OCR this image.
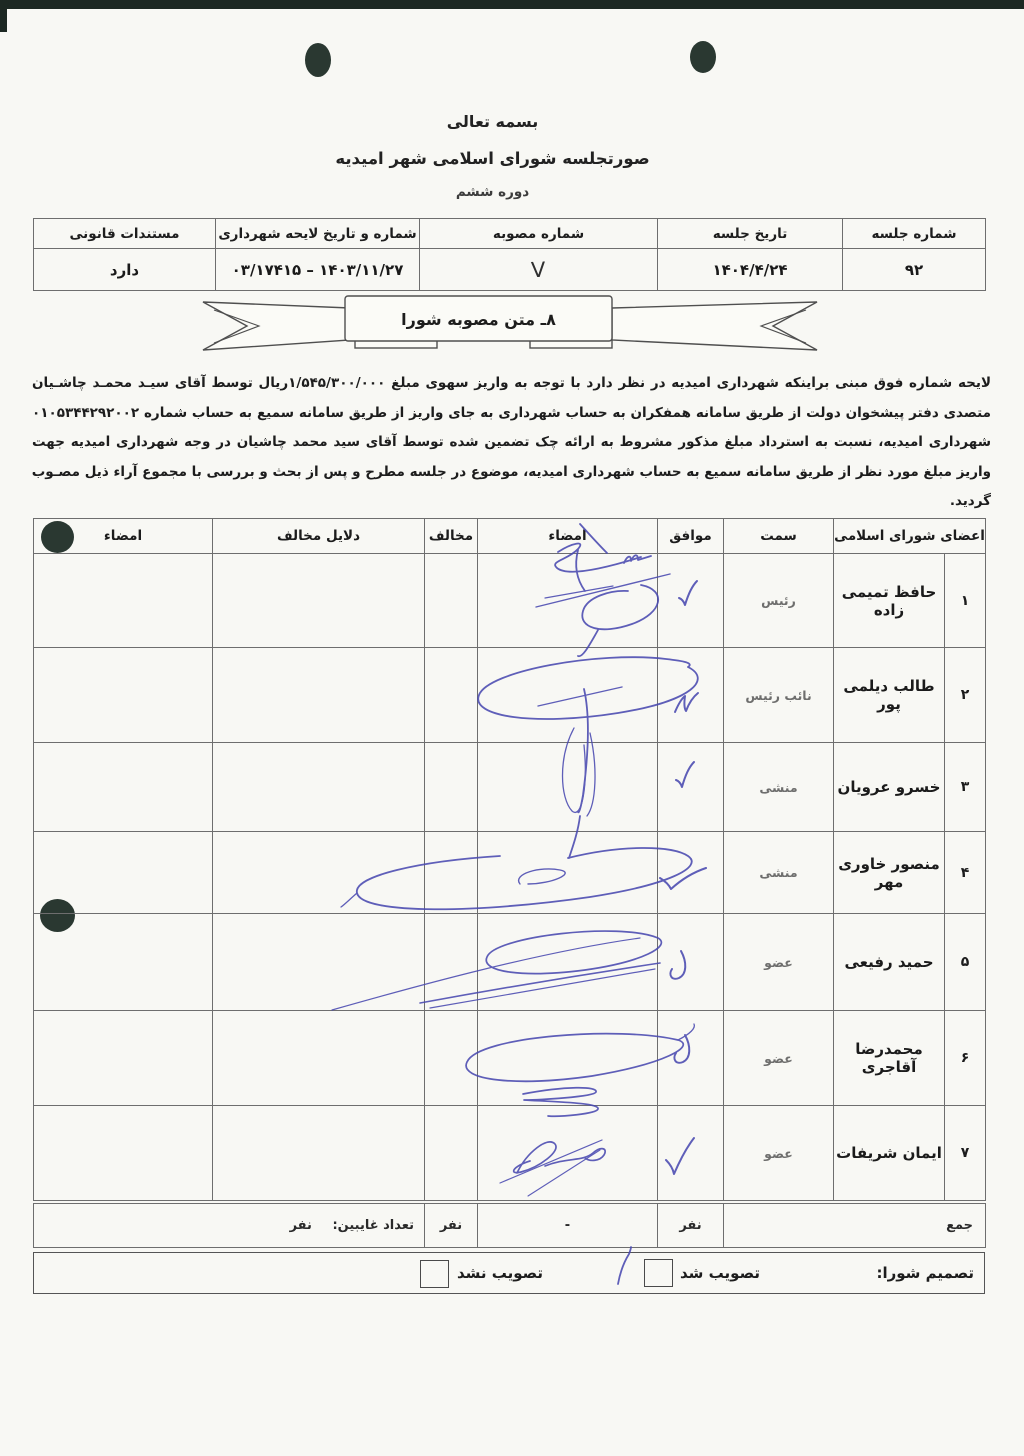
بسمه تعالی
صورتجلسه شورای اسلامی شهر امیدیه
دوره ششم
شماره جلسه	تاریخ جلسه	شماره مصوبه	شماره و تاریخ لایحه شهرداری	مستندات قانونی
۹۲	۱۴۰۴/۴/۲۴	V	۰۳/۱۷۴۱۵ – ۱۴۰۳/۱۱/۲۷	دارد
۸ـ متن مصوبه شورا
لایحه شماره فوق مبنی براینکه شهرداری امیدیه در نظر دارد با توجه به واریز سهوی مبلغ ۱/۵۴۵/۳۰۰/۰۰۰ریال توسط آقای سیـد محمـد چاشـیان
متصدی دفتر پیشخوان دولت از طریق سامانه همفکران به حساب شهرداری به جای واریز از طریق سامانه سمیع به حساب شماره ۰۱۰۵۳۴۴۲۹۲۰۰۲
شهرداری امیدیه، نسبت به استرداد مبلغ مذکور مشروط به ارائه چک تضمین شده توسط آقای سید محمد چاشیان در وجه شهرداری امیدیه جهت
واریز مبلغ مورد نظر از طریق سامانه سمیع به حساب شهرداری امیدیه، موضوع در جلسه مطرح و پس از بحث و بررسی با مجموع آراء ذیل مصـوب
گردید.
اعضای شورای اسلامی		سمت	موافق	امضاء	مخالف	دلایل مخالف	امضاء
۱	حافظ تمیمی زاده	رئیس					
۲	طالب دیلمی پور	نائب رئیس					
۳	خسرو عرویان	منشی					
۴	منصور خاوری مهر	منشی					
۵	حمید رفیعی	عضو					
۶	محمدرضا آقاجری	عضو					
۷	ایمان شریفات	عضو					
جمع	نفر	-	نفر	تعداد غایبین: نفر
تصمیم شورا:
تصویب شد
تصویب نشد
